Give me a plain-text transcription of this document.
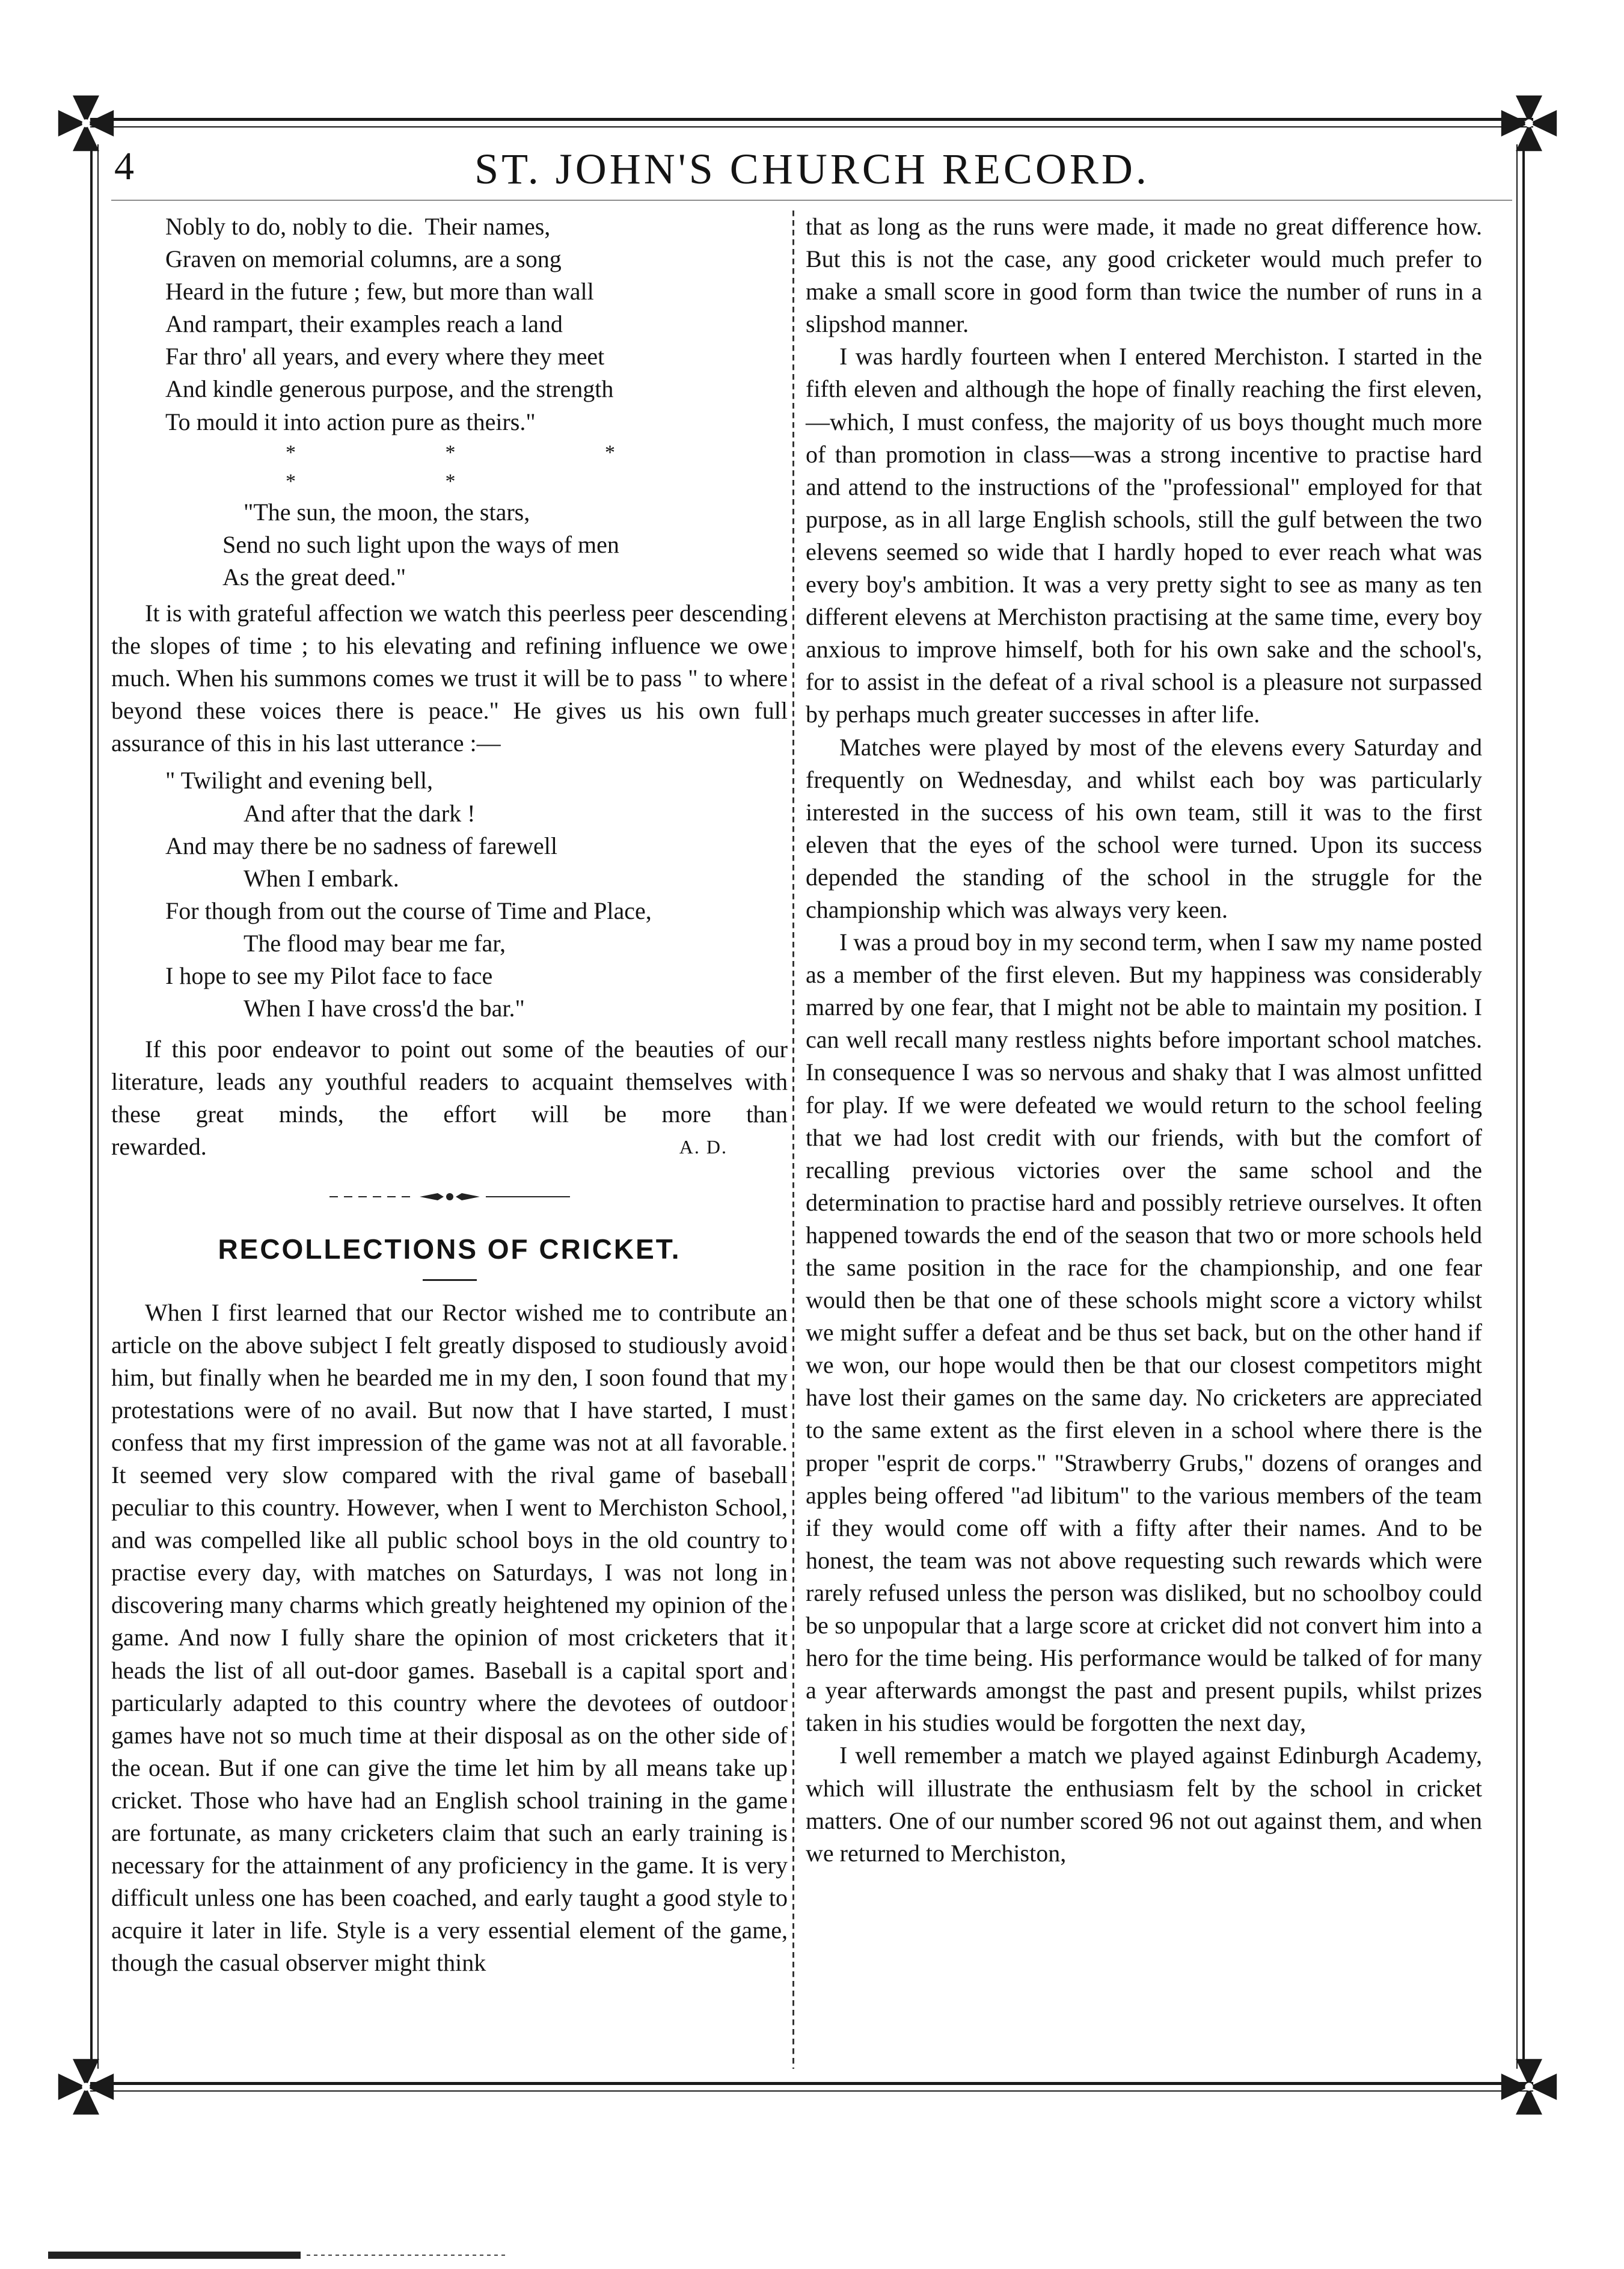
4	ST. JOHN'S CHURCH RECORD.
Nobly to do, nobly to die.  Their names,
Graven on memorial columns, are a song
Heard in the future ; few, but more than wall
And rampart, their examples reach a land
Far thro' all years, and every where they meet
And kindle generous purpose, and the strength
To mould it into action pure as theirs."
* * * * *
"The sun, the moon, the stars,
Send no such light upon the ways of men
As the great deed."

It is with grateful affection we watch this peerless peer descending the slopes of time ; to his elevating and refining influence we owe much. When his summons comes we trust it will be to pass " to where beyond these voices there is peace." He gives us his own full assurance of this in his last utterance :—

" Twilight and evening bell,
And after that the dark !
And may there be no sadness of farewell
When I embark.
For though from out the course of Time and Place,
The flood may bear me far,
I hope to see my Pilot face to face
When I have cross'd the bar."

If this poor endeavor to point out some of the beauties of our literature, leads any youthful readers to acquaint themselves with these great minds, the effort will be more than

rewarded.	A. D.
RECOLLECTIONS OF CRICKET.

When I first learned that our Rector wished me to contribute an article on the above subject I felt greatly disposed to studiously avoid him, but finally when he bearded me in my den, I soon found that my protestations were of no avail. But now that I have started, I must confess that my first impression of the game was not at all favorable. It seemed very slow compared with the rival game of baseball peculiar to this country. However, when I went to Merchiston School, and was compelled like all public school boys in the old country to practise every day, with matches on Saturdays, I was not long in discovering many charms which greatly heightened my opinion of the game. And now I fully share the opinion of most cricketers that it heads the list of all out-door games. Baseball is a capital sport and particularly adapted to this country where the devotees of outdoor games have not so much time at their disposal as on the other side of the ocean. But if one can give the time let him by all means take up cricket. Those who have had an English school training in the game are fortunate, as many cricketers claim that such an early training is necessary for the attainment of any proficiency in the game. It is very difficult unless one has been coached, and early taught a good style to acquire it later in life. Style is a very essential element of the game, though the casual observer might think

that as long as the runs were made, it made no great difference how. But this is not the case, any good cricketer would much prefer to make a small score in good form than twice the number of runs in a slipshod manner.

I was hardly fourteen when I entered Merchiston. I started in the fifth eleven and although the hope of finally reaching the first eleven,—which, I must confess, the majority of us boys thought much more of than promotion in class—was a strong incentive to practise hard and attend to the instructions of the "professional" employed for that purpose, as in all large English schools, still the gulf between the two elevens seemed so wide that I hardly hoped to ever reach what was every boy's ambition. It was a very pretty sight to see as many as ten different elevens at Merchiston practising at the same time, every boy anxious to improve himself, both for his own sake and the school's, for to assist in the defeat of a rival school is a pleasure not surpassed by perhaps much greater successes in after life.

Matches were played by most of the elevens every Saturday and frequently on Wednesday, and whilst each boy was particularly interested in the success of his own team, still it was to the first eleven that the eyes of the school were turned. Upon its success depended the standing of the school in the struggle for the championship which was always very keen.

I was a proud boy in my second term, when I saw my name posted as a member of the first eleven. But my happiness was considerably marred by one fear, that I might not be able to maintain my position. I can well recall many restless nights before important school matches. In consequence I was so nervous and shaky that I was almost unfitted for play. If we were defeated we would return to the school feeling that we had lost credit with our friends, with but the comfort of recalling previous victories over the same school and the determination to practise hard and possibly retrieve ourselves. It often happened towards the end of the season that two or more schools held the same position in the race for the championship, and one fear would then be that one of these schools might score a victory whilst we might suffer a defeat and be thus set back, but on the other hand if we won, our hope would then be that our closest competitors might have lost their games on the same day. No cricketers are appreciated to the same extent as the first eleven in a school where there is the proper "esprit de corps." "Strawberry Grubs," dozens of oranges and apples being offered "ad libitum" to the various members of the team if they would come off with a fifty after their names. And to be honest, the team was not above requesting such rewards which were rarely refused unless the person was disliked, but no schoolboy could be so unpopular that a large score at cricket did not convert him into a hero for the time being. His performance would be talked of for many a year afterwards amongst the past and present pupils, whilst prizes taken in his studies would be forgotten the next day,

I well remember a match we played against Edinburgh Academy, which will illustrate the enthusiasm felt by the school in cricket matters. One of our number scored 96 not out against them, and when we returned to Merchiston,
